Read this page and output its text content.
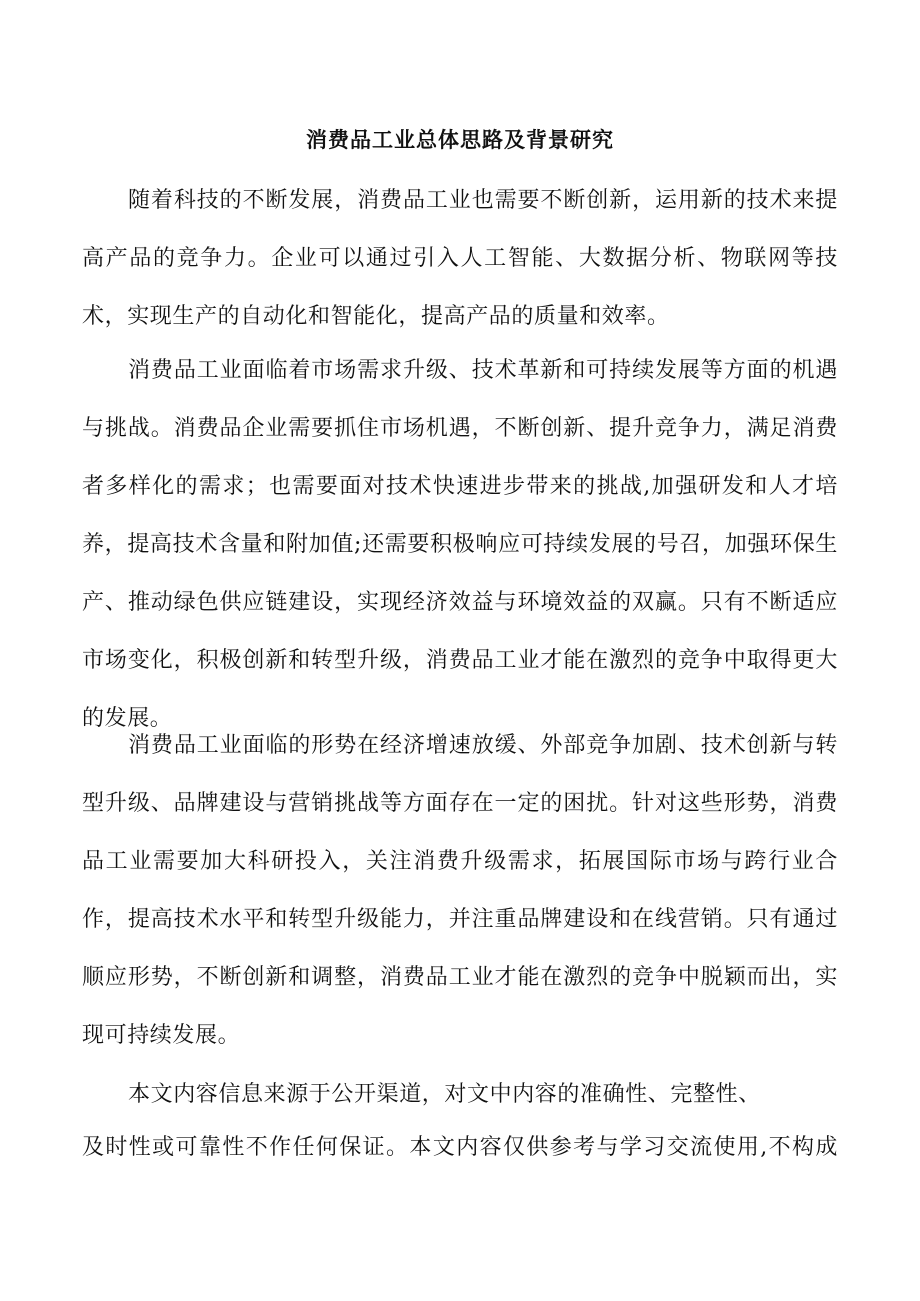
消费品工业总体思路及背景研究

随着科技的不断发展，消费品工业也需要不断创新，运用新的技术来提高产品的竞争力。企业可以通过引入人工智能、大数据分析、物联网等技术，实现生产的自动化和智能化，提高产品的质量和效率。

消费品工业面临着市场需求升级、技术革新和可持续发展等方面的机遇与挑战。消费品企业需要抓住市场机遇，不断创新、提升竞争力，满足消费者多样化的需求；也需要面对技术快速进步带来的挑战,加强研发和人才培养，提高技术含量和附加值;还需要积极响应可持续发展的号召，加强环保生产、推动绿色供应链建设，实现经济效益与环境效益的双赢。只有不断适应市场变化，积极创新和转型升级，消费品工业才能在激烈的竞争中取得更大的发展。

消费品工业面临的形势在经济增速放缓、外部竞争加剧、技术创新与转型升级、品牌建设与营销挑战等方面存在一定的困扰。针对这些形势，消费品工业需要加大科研投入，关注消费升级需求，拓展国际市场与跨行业合作，提高技术水平和转型升级能力，并注重品牌建设和在线营销。只有通过顺应形势，不断创新和调整，消费品工业才能在激烈的竞争中脱颖而出，实现可持续发展。

本文内容信息来源于公开渠道，对文中内容的准确性、完整性、

及时性或可靠性不作任何保证。本文内容仅供参考与学习交流使用,不构成
